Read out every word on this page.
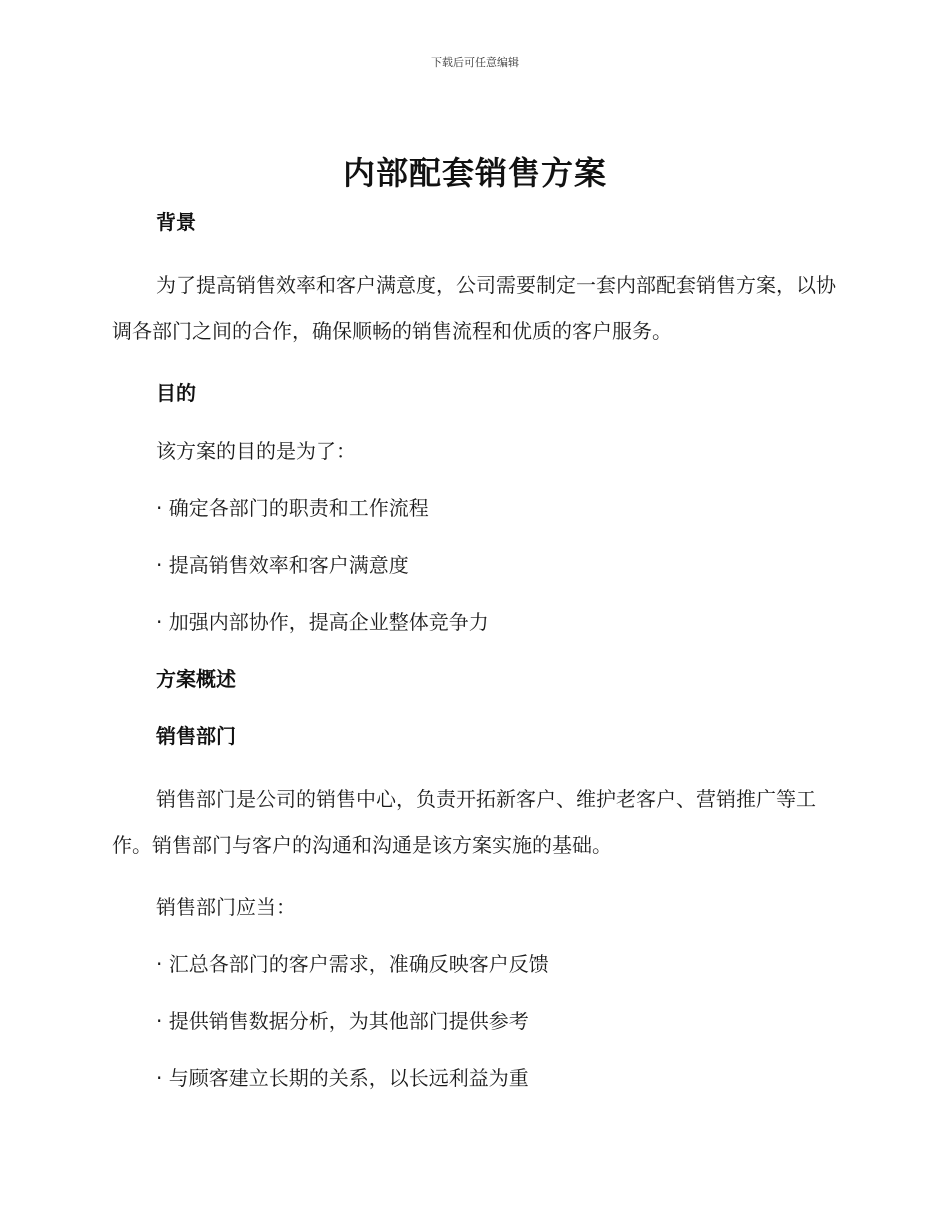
下载后可任意编辑
内部配套销售方案
背景

为了提高销售效率和客户满意度，公司需要制定一套内部配套销售方案，以协调各部门之间的合作，确保顺畅的销售流程和优质的客户服务。

目的

该方案的目的是为了：

· 确定各部门的职责和工作流程

· 提高销售效率和客户满意度

· 加强内部协作，提高企业整体竞争力

方案概述
销售部门

销售部门是公司的销售中心，负责开拓新客户、维护老客户、营销推广等工作。销售部门与客户的沟通和沟通是该方案实施的基础。

销售部门应当：

· 汇总各部门的客户需求，准确反映客户反馈

· 提供销售数据分析，为其他部门提供参考

· 与顾客建立长期的关系，以长远利益为重
